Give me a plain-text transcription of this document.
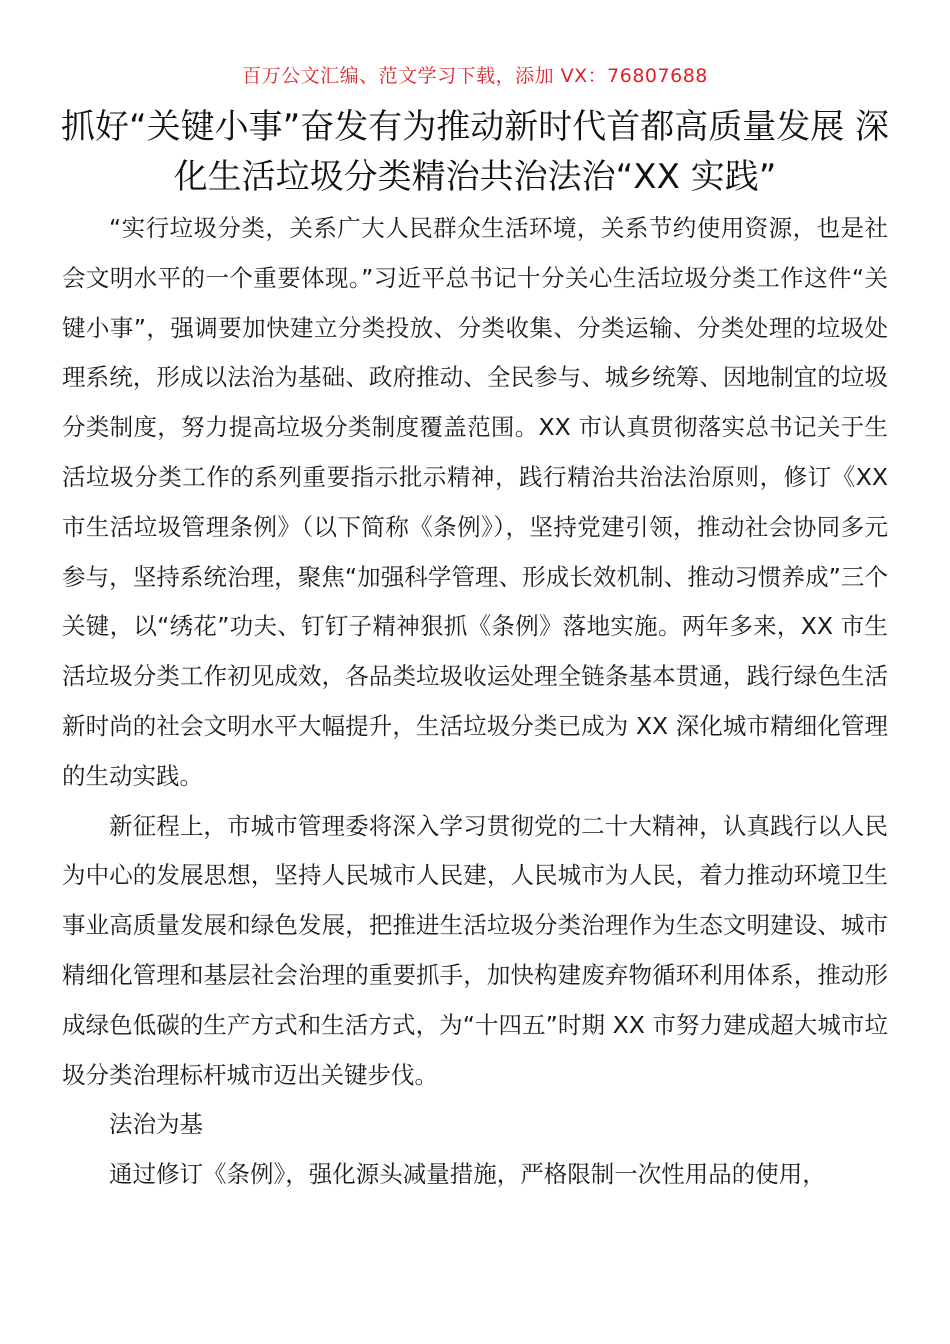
百万公文汇编、范文学习下载，添加 VX：76807688
抓好“关键小事”奋发有为推动新时代首都高质量发展 深化生活垃圾分类精治共治法治“XX 实践”

“实行垃圾分类，关系广大人民群众生活环境，关系节约使用资源，也是社会文明水平的一个重要体现。”习近平总书记十分关心生活垃圾分类工作这件“关键小事”，强调要加快建立分类投放、分类收集、分类运输、分类处理的垃圾处理系统，形成以法治为基础、政府推动、全民参与、城乡统筹、因地制宜的垃圾分类制度，努力提高垃圾分类制度覆盖范围。XX 市认真贯彻落实总书记关于生活垃圾分类工作的系列重要指示批示精神，践行精治共治法治原则，修订《XX 市生活垃圾管理条例》（以下简称《条例》），坚持党建引领，推动社会协同多元参与，坚持系统治理，聚焦“加强科学管理、形成长效机制、推动习惯养成”三个关键，以“绣花”功夫、钉钉子精神狠抓《条例》落地实施。两年多来，XX 市生活垃圾分类工作初见成效，各品类垃圾收运处理全链条基本贯通，践行绿色生活新时尚的社会文明水平大幅提升，生活垃圾分类已成为 XX 深化城市精细化管理的生动实践。

新征程上，市城市管理委将深入学习贯彻党的二十大精神，认真践行以人民为中心的发展思想，坚持人民城市人民建，人民城市为人民，着力推动环境卫生事业高质量发展和绿色发展，把推进生活垃圾分类治理作为生态文明建设、城市精细化管理和基层社会治理的重要抓手，加快构建废弃物循环利用体系，推动形成绿色低碳的生产方式和生活方式，为“十四五”时期 XX 市努力建成超大城市垃圾分类治理标杆城市迈出关键步伐。

法治为基

通过修订《条例》，强化源头减量措施，严格限制一次性用品的使用，
